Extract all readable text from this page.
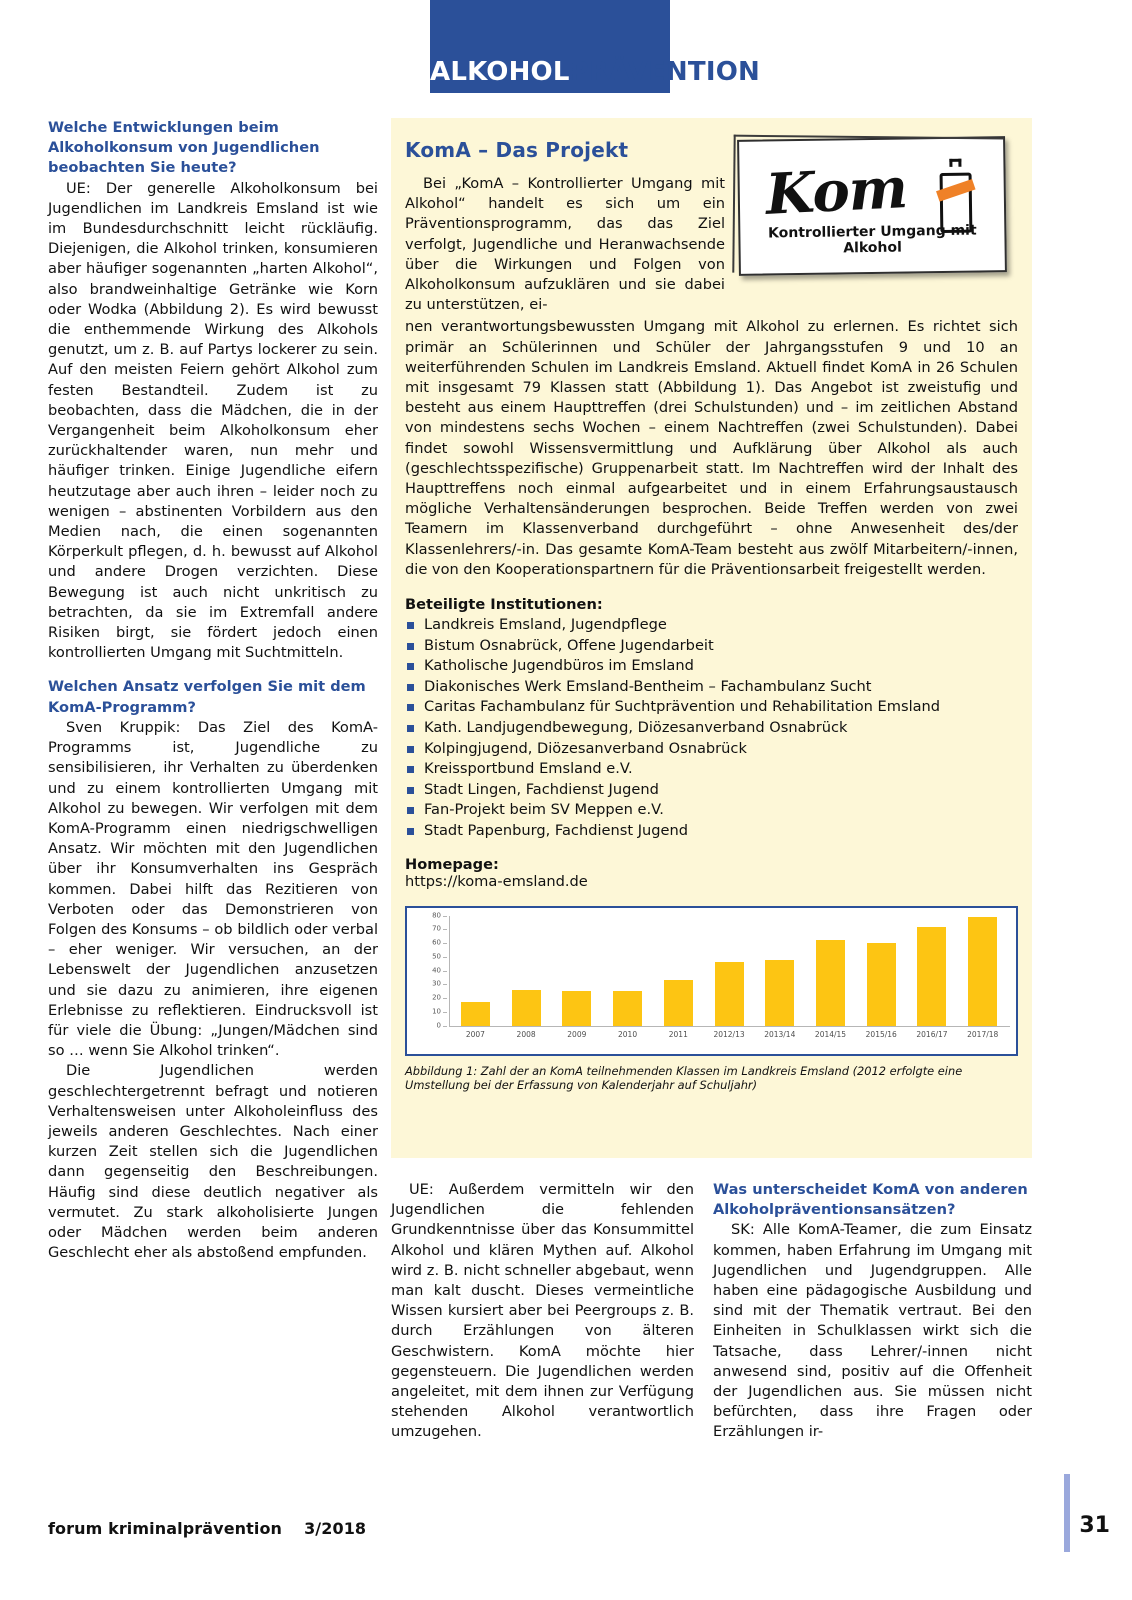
ALKOHOLPRÄVENTION
Welche Entwicklungen beim Alkoholkonsum von Jugendlichen beobachten Sie heute?

UE: Der generelle Alkoholkonsum bei Jugendlichen im Landkreis Emsland ist wie im Bundesdurchschnitt leicht rückläufig. Diejenigen, die Alkohol trinken, konsumieren aber häufiger sogenannten „harten Alkohol“, also brandweinhaltige Getränke wie Korn oder Wodka (Abbildung 2). Es wird bewusst die enthemmende Wirkung des Alkohols genutzt, um z. B. auf Partys lockerer zu sein. Auf den meisten Feiern gehört Alkohol zum festen Bestandteil. Zudem ist zu beobachten, dass die Mädchen, die in der Vergangenheit beim Alkoholkonsum eher zurückhaltender waren, nun mehr und häufiger trinken. Einige Jugendliche eifern heutzutage aber auch ihren – leider noch zu wenigen – abstinenten Vorbildern aus den Medien nach, die einen sogenannten Körperkult pflegen, d. h. bewusst auf Alkohol und andere Drogen verzichten. Diese Bewegung ist auch nicht unkritisch zu betrachten, da sie im Extremfall andere Risiken birgt, sie fördert jedoch einen kontrollierten Umgang mit Suchtmitteln.

Welchen Ansatz verfolgen Sie mit dem KomA-Programm?

Sven Kruppik: Das Ziel des KomA-Programms ist, Jugendliche zu sensibilisieren, ihr Verhalten zu überdenken und zu einem kontrollierten Umgang mit Alkohol zu bewegen. Wir verfolgen mit dem KomA-Programm einen niedrigschwelligen Ansatz. Wir möchten mit den Jugendlichen über ihr Konsumverhalten ins Gespräch kommen. Dabei hilft das Rezitieren von Verboten oder das Demonstrieren von Folgen des Konsums – ob bildlich oder verbal – eher weniger. Wir versuchen, an der Lebenswelt der Jugendlichen anzusetzen und sie dazu zu animieren, ihre eigenen Erlebnisse zu reflektieren. Eindrucksvoll ist für viele die Übung: „Jungen/Mädchen sind so … wenn Sie Alkohol trinken“.

Die Jugendlichen werden geschlechtergetrennt befragt und notieren Verhaltensweisen unter Alkoholeinfluss des jeweils anderen Geschlechtes. Nach einer kurzen Zeit stellen sich die Jugendlichen dann gegenseitig den Beschreibungen. Häufig sind diese deutlich negativer als vermutet. Zu stark alkoholisierte Jungen oder Mädchen werden beim anderen Geschlecht eher als abstoßend empfunden.

Kom
Kontrollierter Umgang mit Alkohol
KomA – Das Projekt

Bei „KomA – Kontrollierter Umgang mit Alkohol“ handelt es sich um ein Präventionsprogramm, das das Ziel verfolgt, Jugendliche und Heranwachsende über die Wirkungen und Folgen von Alkoholkonsum aufzuklären und sie dabei zu unterstützen, ei-

nen verantwortungsbewussten Umgang mit Alkohol zu erlernen. Es richtet sich primär an Schülerinnen und Schüler der Jahrgangsstufen 9 und 10 an weiterführenden Schulen im Landkreis Emsland. Aktuell findet KomA in 26 Schulen mit insgesamt 79 Klassen statt (Abbildung 1). Das Angebot ist zweistufig und besteht aus einem Haupttreffen (drei Schulstunden) und – im zeitlichen Abstand von mindestens sechs Wochen – einem Nachtreffen (zwei Schulstunden). Dabei findet sowohl Wissensvermittlung und Aufklärung über Alkohol als auch (geschlechtsspezifische) Gruppenarbeit statt. Im Nachtreffen wird der Inhalt des Haupttreffens noch einmal aufgearbeitet und in einem Erfahrungsaustausch mögliche Verhaltensänderungen besprochen. Beide Treffen werden von zwei Teamern im Klassenverband durchgeführt – ohne Anwesenheit des/der Klassenlehrers/-in. Das gesamte KomA-Team besteht aus zwölf Mitarbeitern/-innen, die von den Kooperationspartnern für die Präventionsarbeit freigestellt werden.

Beteiligte Institutionen:
Landkreis Emsland, Jugendpflege
Bistum Osnabrück, Offene Jugendarbeit
Katholische Jugendbüros im Emsland
Diakonisches Werk Emsland-Bentheim – Fachambulanz Sucht
Caritas Fachambulanz für Suchtprävention und Rehabilitation Emsland
Kath. Landjugendbewegung, Diözesanverband Osnabrück
Kolpingjugend, Diözesanverband Osnabrück
Kreissportbund Emsland e.V.
Stadt Lingen, Fachdienst Jugend
Fan-Projekt beim SV Meppen e.V.
Stadt Papenburg, Fachdienst Jugend
Homepage:
https://koma-emsland.de
0
10
20
30
40
50
60
70
80
2007	2008	2009	2010	2011	2012/13	2013/14	2014/15	2015/16	2016/17	2017/18
Abbildung 1: Zahl der an KomA teilnehmenden Klassen im Landkreis Emsland (2012 erfolgte eine Umstellung bei der Erfassung von Kalenderjahr auf Schuljahr)

UE: Außerdem vermitteln wir den Jugendlichen die fehlenden Grundkenntnisse über das Konsummittel Alkohol und klären Mythen auf. Alkohol wird z. B. nicht schneller abgebaut, wenn man kalt duscht. Dieses vermeintliche Wissen kursiert aber bei Peergroups z. B. durch Erzählungen von älteren Geschwistern. KomA möchte hier gegensteuern. Die Jugendlichen werden angeleitet, mit dem ihnen zur Verfügung stehenden Alkohol verantwortlich umzugehen.

Was unterscheidet KomA von anderen Alkoholpräventionsansätzen?

SK: Alle KomA-Teamer, die zum Einsatz kommen, haben Erfahrung im Umgang mit Jugendlichen und Jugendgruppen. Alle haben eine pädagogische Ausbildung und sind mit der Thematik vertraut. Bei den Einheiten in Schulklassen wirkt sich die Tatsache, dass Lehrer/-innen nicht anwesend sind, positiv auf die Offenheit der Jugendlichen aus. Sie müssen nicht befürchten, dass ihre Fragen oder Erzählungen ir-

forum kriminalprävention 3/2018	31
